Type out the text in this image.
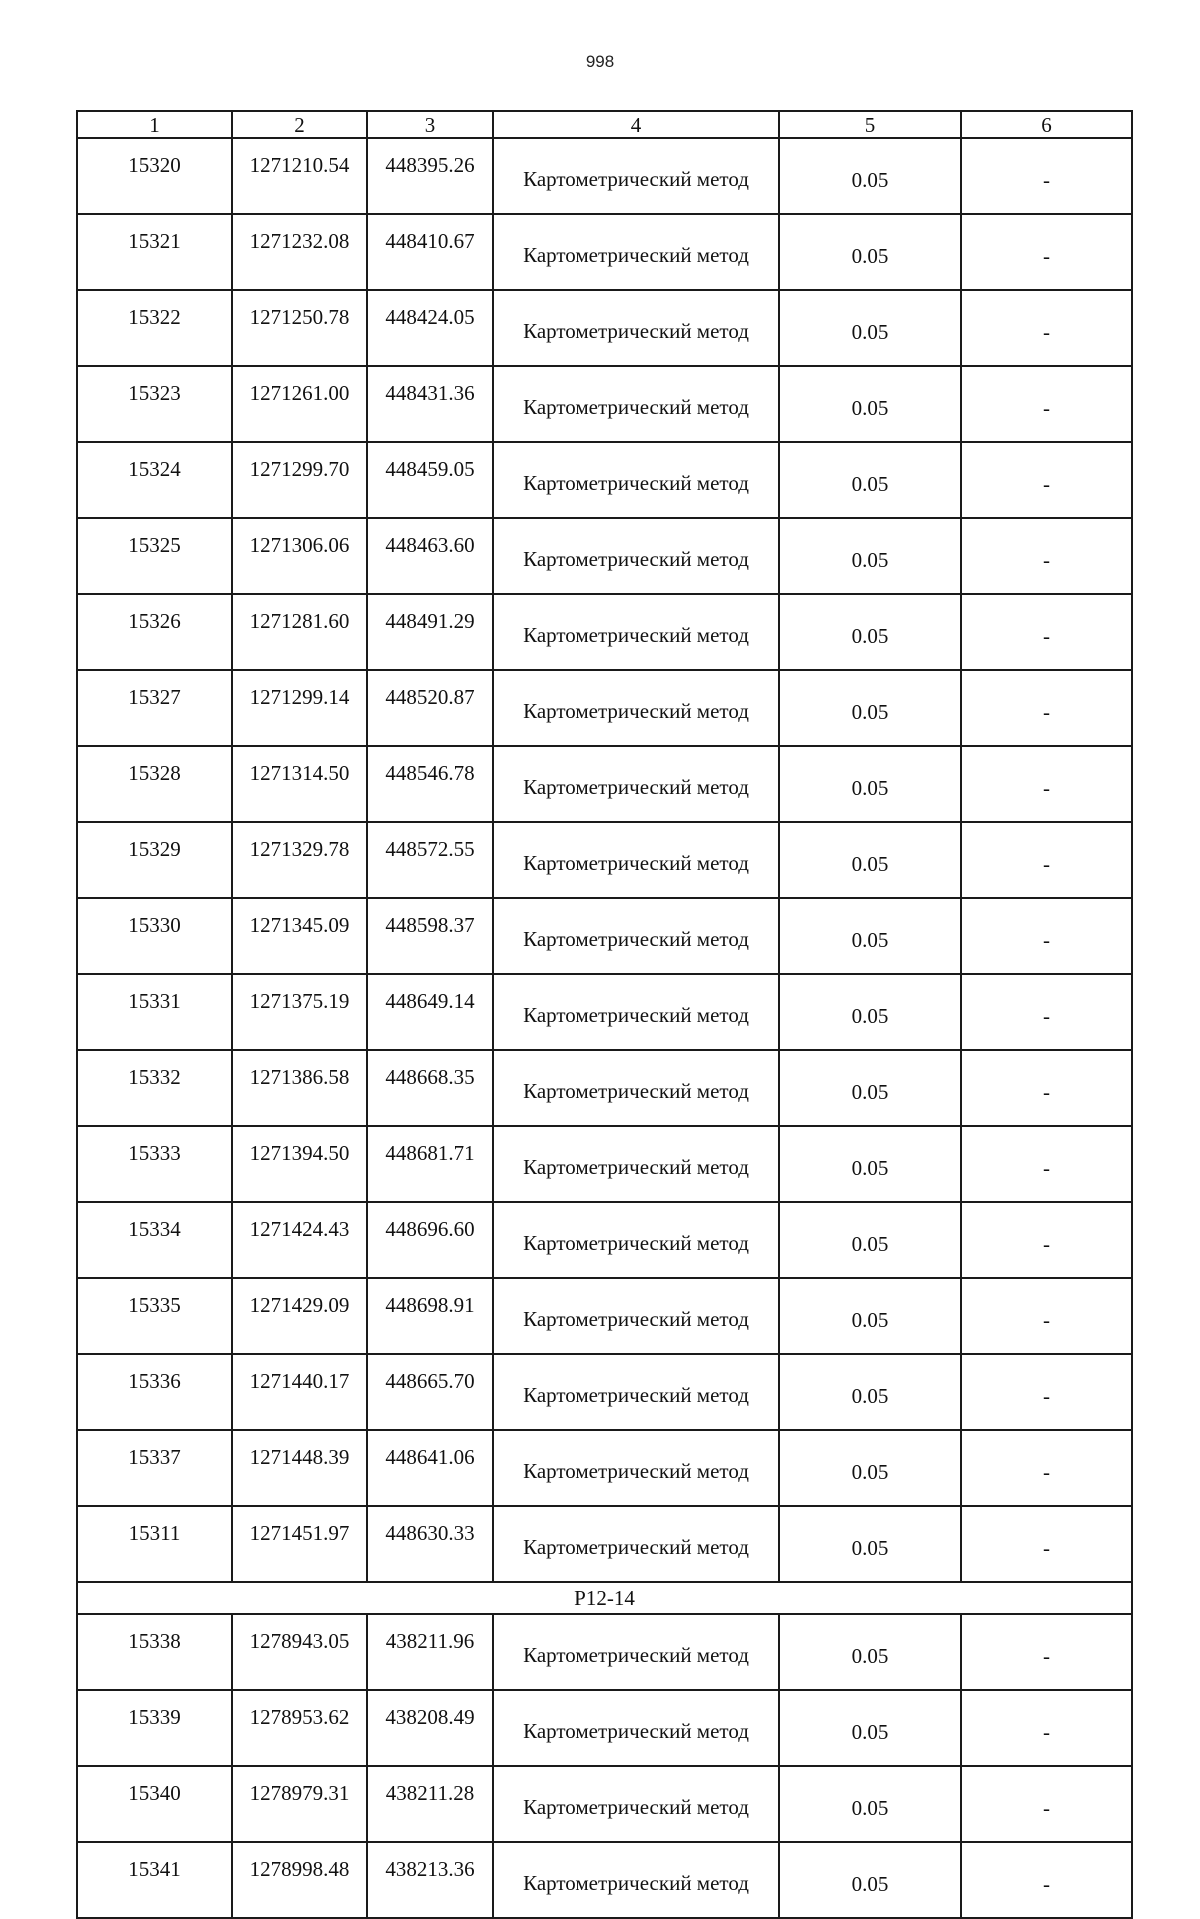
998
1	2	3	4	5	6
15320	1271210.54	448395.26	Картометрический метод	0.05	-
15321	1271232.08	448410.67	Картометрический метод	0.05	-
15322	1271250.78	448424.05	Картометрический метод	0.05	-
15323	1271261.00	448431.36	Картометрический метод	0.05	-
15324	1271299.70	448459.05	Картометрический метод	0.05	-
15325	1271306.06	448463.60	Картометрический метод	0.05	-
15326	1271281.60	448491.29	Картометрический метод	0.05	-
15327	1271299.14	448520.87	Картометрический метод	0.05	-
15328	1271314.50	448546.78	Картометрический метод	0.05	-
15329	1271329.78	448572.55	Картометрический метод	0.05	-
15330	1271345.09	448598.37	Картометрический метод	0.05	-
15331	1271375.19	448649.14	Картометрический метод	0.05	-
15332	1271386.58	448668.35	Картометрический метод	0.05	-
15333	1271394.50	448681.71	Картометрический метод	0.05	-
15334	1271424.43	448696.60	Картометрический метод	0.05	-
15335	1271429.09	448698.91	Картометрический метод	0.05	-
15336	1271440.17	448665.70	Картометрический метод	0.05	-
15337	1271448.39	448641.06	Картометрический метод	0.05	-
15311	1271451.97	448630.33	Картометрический метод	0.05	-
Р12-14					
15338	1278943.05	438211.96	Картометрический метод	0.05	-
15339	1278953.62	438208.49	Картометрический метод	0.05	-
15340	1278979.31	438211.28	Картометрический метод	0.05	-
15341	1278998.48	438213.36	Картометрический метод	0.05	-
